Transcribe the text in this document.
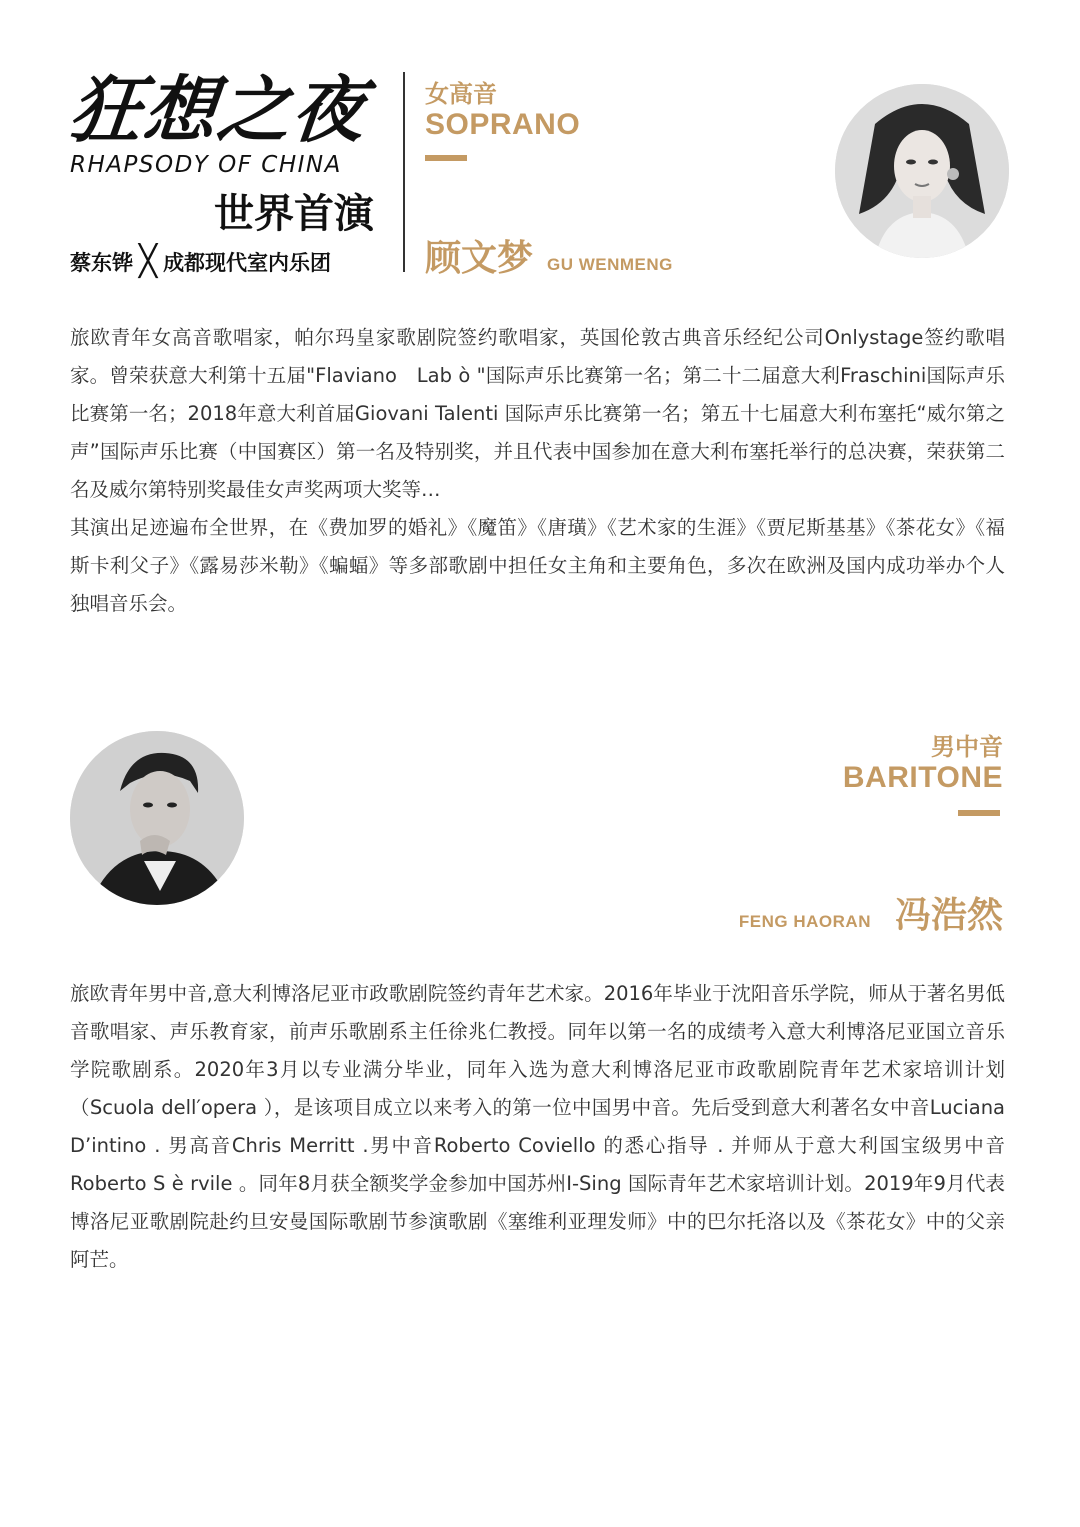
狂想之夜
RHAPSODY OF CHINA
世界首演
蔡东铧 ╳ 成都现代室内乐团
女高音
SOPRANO
顾文梦 GU WENMENG

旅欧青年女高音歌唱家，帕尔玛皇家歌剧院签约歌唱家，英国伦敦古典音乐经纪公司Onlystage签约歌唱家。曾荣获意大利第十五届"Flaviano　Lab ò "国际声乐比赛第一名；第二十二届意大利Fraschini国际声乐比赛第一名；2018年意大利首届Giovani Talenti 国际声乐比赛第一名；第五十七届意大利布塞托“威尔第之声”国际声乐比赛（中国赛区）第一名及特别奖，并且代表中国参加在意大利布塞托举行的总决赛，荣获第二名及威尔第特别奖最佳女声奖两项大奖等…

其演出足迹遍布全世界，在《费加罗的婚礼》《魔笛》《唐璜》《艺术家的生涯》《贾尼斯基基》《茶花女》《福斯卡利父子》《露易莎米勒》《蝙蝠》等多部歌剧中担任女主角和主要角色，多次在欧洲及国内成功举办个人独唱音乐会。

男中音
BARITONE
FENG HAORAN 冯浩然

旅欧青年男中音,意大利博洛尼亚市政歌剧院签约青年艺术家。2016年毕业于沈阳音乐学院，师从于著名男低音歌唱家、声乐教育家，前声乐歌剧系主任徐兆仁教授。同年以第一名的成绩考入意大利博洛尼亚国立音乐学院歌剧系。2020年3月以专业满分毕业，同年入选为意大利博洛尼亚市政歌剧院青年艺术家培训计划（Scuola dell′opera ），是该项目成立以来考入的第一位中国男中音。先后受到意大利著名女中音Luciana D’intino . 男高音Chris Merritt .男中音Roberto Coviello 的悉心指导 . 并师从于意大利国宝级男中音Roberto S è rvile 。同年8月获全额奖学金参加中国苏州I-Sing 国际青年艺术家培训计划。2019年9月代表博洛尼亚歌剧院赴约旦安曼国际歌剧节参演歌剧《塞维利亚理发师》中的巴尔托洛以及《茶花女》中的父亲阿芒。
